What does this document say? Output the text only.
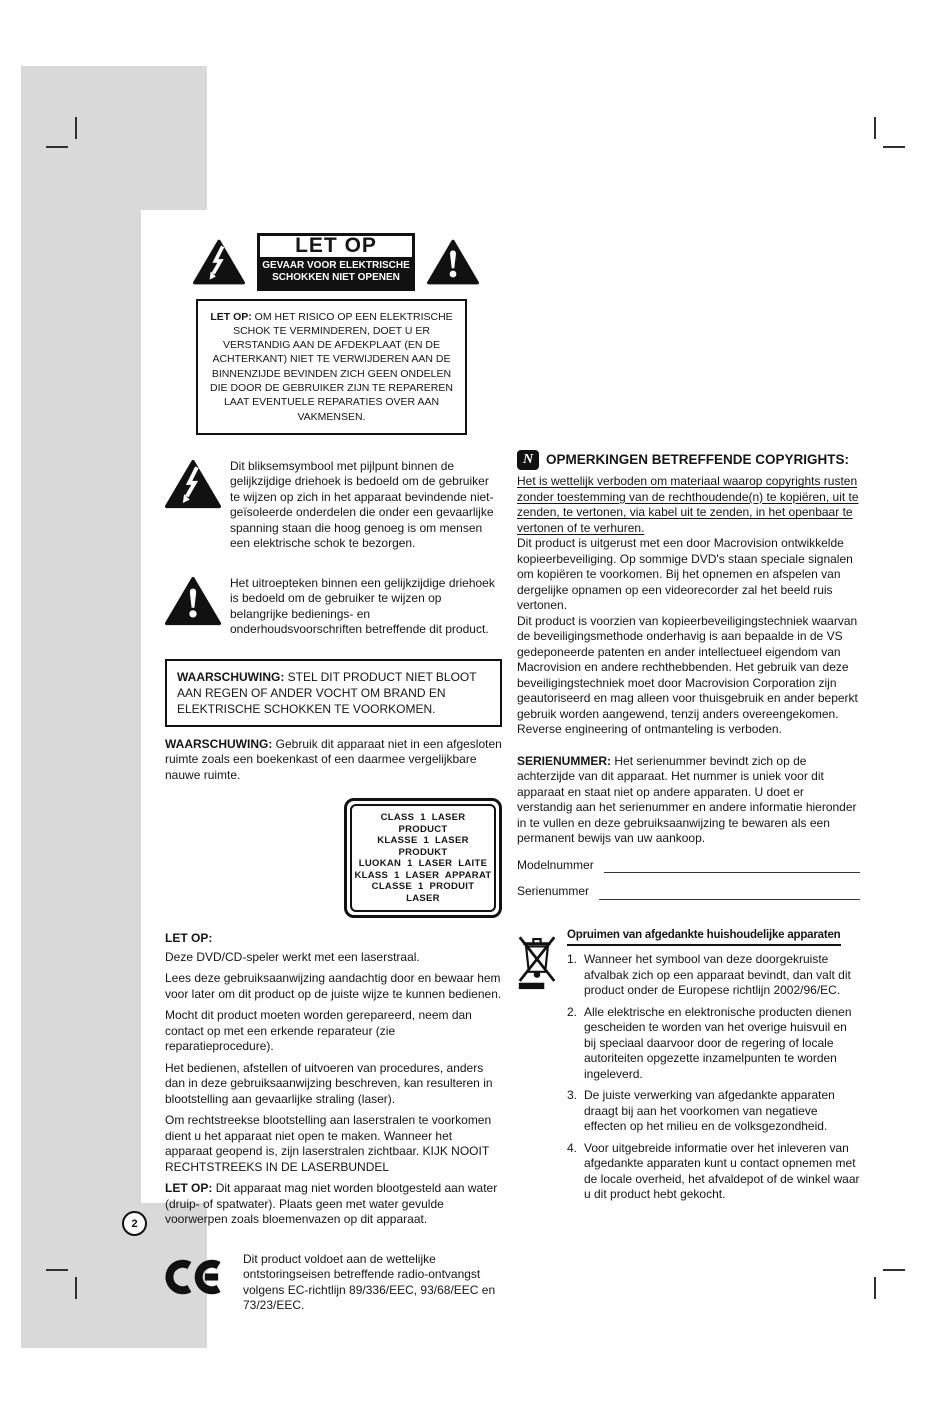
2
LET OP
GEVAAR VOOR ELEKTRISCHE
SCHOKKEN NIET OPENEN
LET OP: OM HET RISICO OP EEN ELEKTRISCHE SCHOK TE VERMINDEREN, DOET U ER VERSTANDIG AAN DE AFDEKPLAAT (EN DE ACHTERKANT) NIET TE VERWIJDEREN AAN DE BINNENZIJDE BEVINDEN ZICH GEEN ONDELEN DIE DOOR DE GEBRUIKER ZIJN TE REPAREREN LAAT EVENTUELE REPARATIES OVER AAN VAKMENSEN.
Dit bliksemsymbool met pijlpunt binnen de gelijkzijdige driehoek is bedoeld om de gebruiker te wijzen op zich in het apparaat bevindende niet-geïsoleerde onderdelen die onder een gevaarlijke spanning staan die hoog genoeg is om mensen een elektrische schok te bezorgen.
Het uitroepteken binnen een gelijkzijdige driehoek is bedoeld om de gebruiker te wijzen op belangrijke bedienings- en onderhoudsvoorschriften betreffende dit product.
WAARSCHUWING: STEL DIT PRODUCT NIET BLOOT AAN REGEN OF ANDER VOCHT OM BRAND EN ELEKTRISCHE SCHOKKEN TE VOORKOMEN.
WAARSCHUWING: Gebruik dit apparaat niet in een afgesloten ruimte zoals een boekenkast of een daarmee vergelijkbare nauwe ruimte.
CLASS 1 LASER PRODUCT
KLASSE 1 LASER PRODUKT
LUOKAN 1 LASER LAITE
KLASS 1 LASER APPARAT
CLASSE 1 PRODUIT LASER
LET OP:
Deze DVD/CD-speler werkt met een laserstraal.
Lees deze gebruiksaanwijzing aandachtig door en bewaar hem voor later om dit product op de juiste wijze te kunnen bedienen.
Mocht dit product moeten worden gerepareerd, neem dan contact op met een erkende reparateur (zie reparatieprocedure).
Het bedienen, afstellen of uitvoeren van procedures, anders dan in deze gebruiksaanwijzing beschreven, kan resulteren in blootstelling aan gevaarlijke straling (laser).
Om rechtstreekse blootstelling aan laserstralen te voorkomen dient u het apparaat niet open te maken. Wanneer het apparaat geopend is, zijn laserstralen zichtbaar. KIJK NOOIT RECHTSTREEKS IN DE LASERBUNDEL
LET OP: Dit apparaat mag niet worden blootgesteld aan water (druip- of spatwater). Plaats geen met water gevulde voorwerpen zoals bloemenvazen op dit apparaat.
Dit product voldoet aan de wettelijke ontstoringseisen betreffende radio-ontvangst volgens EC-richtlijn 89/336/EEC, 93/68/EEC en 73/23/EEC.
N OPMERKINGEN BETREFFENDE COPYRIGHTS:
Het is wettelijk verboden om materiaal waarop copyrights rusten zonder toestemming van de rechthoudende(n) te kopiëren, uit te zenden, te vertonen, via kabel uit te zenden, in het openbaar te vertonen of te verhuren.
Dit product is uitgerust met een door Macrovision ontwikkelde kopieerbeveiliging. Op sommige DVD's staan speciale signalen om kopiëren te voorkomen. Bij het opnemen en afspelen van dergelijke opnamen op een videorecorder zal het beeld ruis vertonen.
Dit product is voorzien van kopieerbeveiligingstechniek waarvan de beveiligingsmethode onderhavig is aan bepaalde in de VS gedeponeerde patenten en ander intellectueel eigendom van Macrovision en andere rechthebbenden. Het gebruik van deze beveiligingstechniek moet door Macrovision Corporation zijn geautoriseerd en mag alleen voor thuisgebruik en ander beperkt gebruik worden aangewend, tenzij anders overeengekomen. Reverse engineering of ontmanteling is verboden.
SERIENUMMER: Het serienummer bevindt zich op de achterzijde van dit apparaat. Het nummer is uniek voor dit apparaat en staat niet op andere apparaten. U doet er verstandig aan het serienummer en andere informatie hieronder in te vullen en deze gebruiksaanwijzing te bewaren als een permanent bewijs van uw aankoop.
Modelnummer
Serienummer
Opruimen van afgedankte huishoudelijke apparaten
1. Wanneer het symbool van deze doorgekruiste afvalbak zich op een apparaat bevindt, dan valt dit product onder de Europese richtlijn 2002/96/EC.
2. Alle elektrische en elektronische producten dienen gescheiden te worden van het overige huisvuil en bij speciaal daarvoor door de regering of locale autoriteiten opgezette inzamelpunten te worden ingeleverd.
3. De juiste verwerking van afgedankte apparaten draagt bij aan het voorkomen van negatieve effecten op het milieu en de volksgezondheid.
4. Voor uitgebreide informatie over het inleveren van afgedankte apparaten kunt u contact opnemen met de locale overheid, het afvaldepot of de winkel waar u dit product hebt gekocht.
